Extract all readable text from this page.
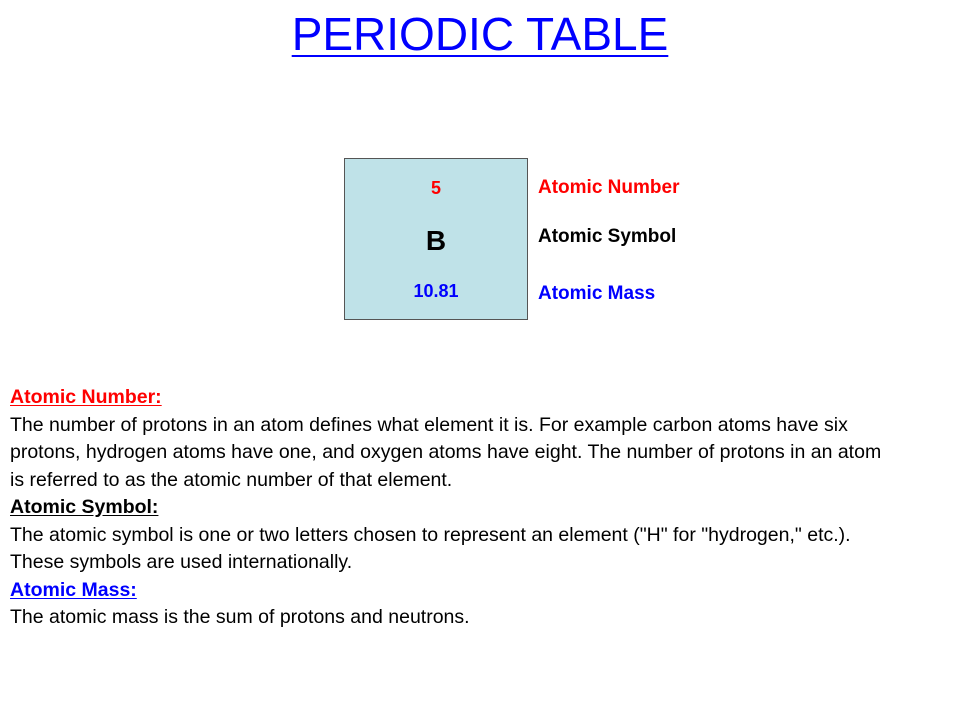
PERIODIC TABLE
5
B
10.81
Atomic Number
Atomic Symbol
Atomic Mass

Atomic Number:

The number of protons in an atom defines what element it is. For example carbon atoms have six protons, hydrogen atoms have one, and oxygen atoms have eight. The number of protons in an atom is referred to as the atomic number of that element.

Atomic Symbol:

The atomic symbol is one or two letters chosen to represent an element ("H" for "hydrogen," etc.). These symbols are used internationally.

Atomic Mass:

The atomic mass is the sum of protons and neutrons.
